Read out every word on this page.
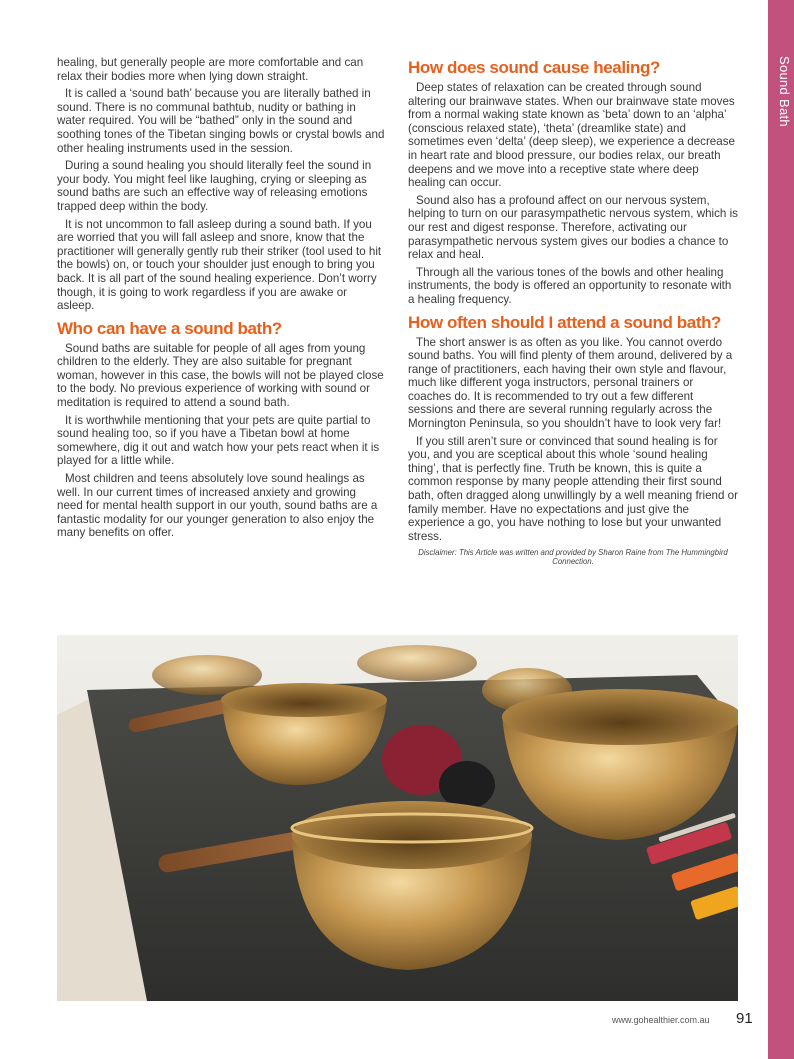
Sound Bath

healing, but generally people are more comfortable and can relax their bodies more when lying down straight.

It is called a ‘sound bath’ because you are literally bathed in sound. There is no communal bathtub, nudity or bathing in water required. You will be “bathed” only in the sound and soothing tones of the Tibetan singing bowls or crystal bowls and other healing instruments used in the session.

During a sound healing you should literally feel the sound in your body. You might feel like laughing, crying or sleeping as sound baths are such an effective way of releasing emotions trapped deep within the body.

It is not uncommon to fall asleep during a sound bath. If you are worried that you will fall asleep and snore, know that the practitioner will generally gently rub their striker (tool used to hit the bowls) on, or touch your shoulder just enough to bring you back. It is all part of the sound healing experience. Don’t worry though, it is going to work regardless if you are awake or asleep.

Who can have a sound bath?

Sound baths are suitable for people of all ages from young children to the elderly. They are also suitable for pregnant woman, however in this case, the bowls will not be played close to the body. No previous experience of working with sound or meditation is required to attend a sound bath.

It is worthwhile mentioning that your pets are quite partial to sound healing too, so if you have a Tibetan bowl at home somewhere, dig it out and watch how your pets react when it is played for a little while.

Most children and teens absolutely love sound healings as well. In our current times of increased anxiety and growing need for mental health support in our youth, sound baths are a fantastic modality for our younger generation to also enjoy the many benefits on offer.

How does sound cause healing?

Deep states of relaxation can be created through sound altering our brainwave states. When our brainwave state moves from a normal waking state known as ‘beta’ down to an ‘alpha’ (conscious relaxed state), ‘theta’ (dreamlike state) and sometimes even ‘delta’ (deep sleep), we experience a decrease in heart rate and blood pressure, our bodies relax, our breath deepens and we move into a receptive state where deep healing can occur.

Sound also has a profound affect on our nervous system, helping to turn on our parasympathetic nervous system, which is our rest and digest response. Therefore, activating our parasympathetic nervous system gives our bodies a chance to relax and heal.

Through all the various tones of the bowls and other healing instruments, the body is offered an opportunity to resonate with a healing frequency.

How often should I attend a sound bath?

The short answer is as often as you like. You cannot overdo sound baths. You will find plenty of them around, delivered by a range of practitioners, each having their own style and flavour, much like different yoga instructors, personal trainers or coaches do. It is recommended to try out a few different sessions and there are several running regularly across the Mornington Peninsula, so you shouldn’t have to look very far!

If you still aren’t sure or convinced that sound healing is for you, and you are sceptical about this whole ‘sound healing thing’, that is perfectly fine. Truth be known, this is quite a common response by many people attending their first sound bath, often dragged along unwillingly by a well meaning friend or family member. Have no expectations and just give the experience a go, you have nothing to lose but your unwanted stress.

Disclaimer: This Article was written and provided by Sharon Raine from The Hummingbird Connection.
www.gohealthier.com.au 91
